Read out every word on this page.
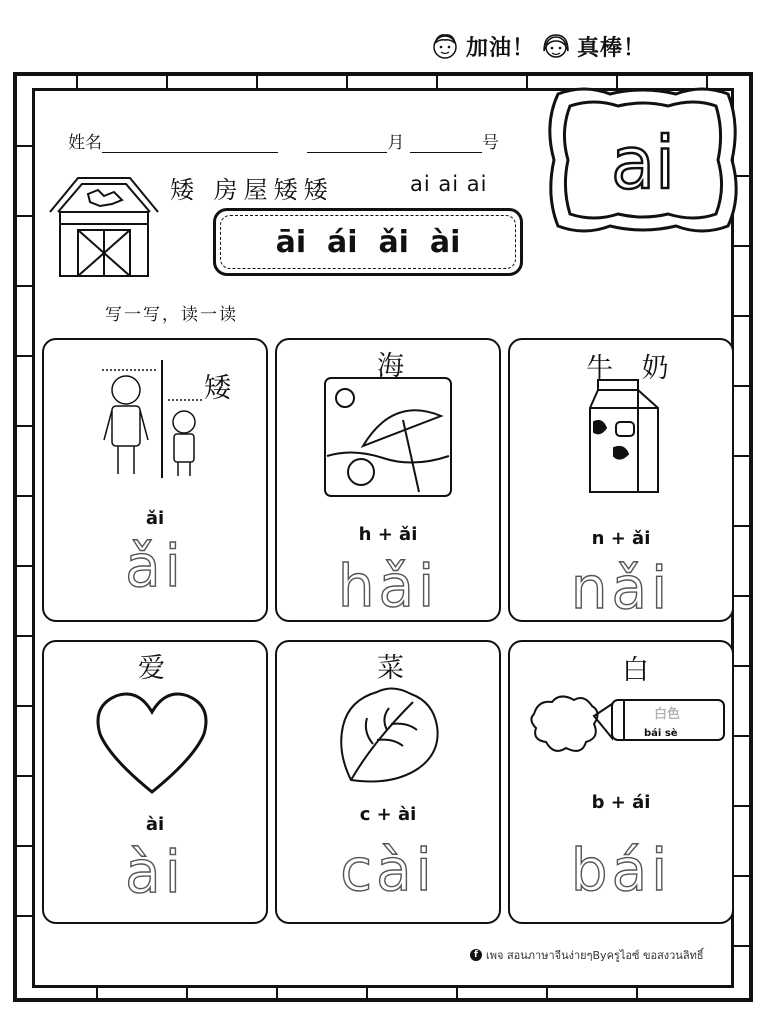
加油！ 真棒！
姓名	月	号 ai
矮 房屋矮矮	ai ai ai
āi  ái  ǎi  ài
写一写，读一读
矮
ǎi
ǎi
海
h + ǎi
hǎi
牛 奶
n + ǎi
nǎi
爱
ài
ài
菜
c + ài
cài
白
白色
bái sè
b + ái
bái
f เพจ สอนภาษาจีนง่ายๆByครูไอซ์ ขอสงวนลิทธิ์
